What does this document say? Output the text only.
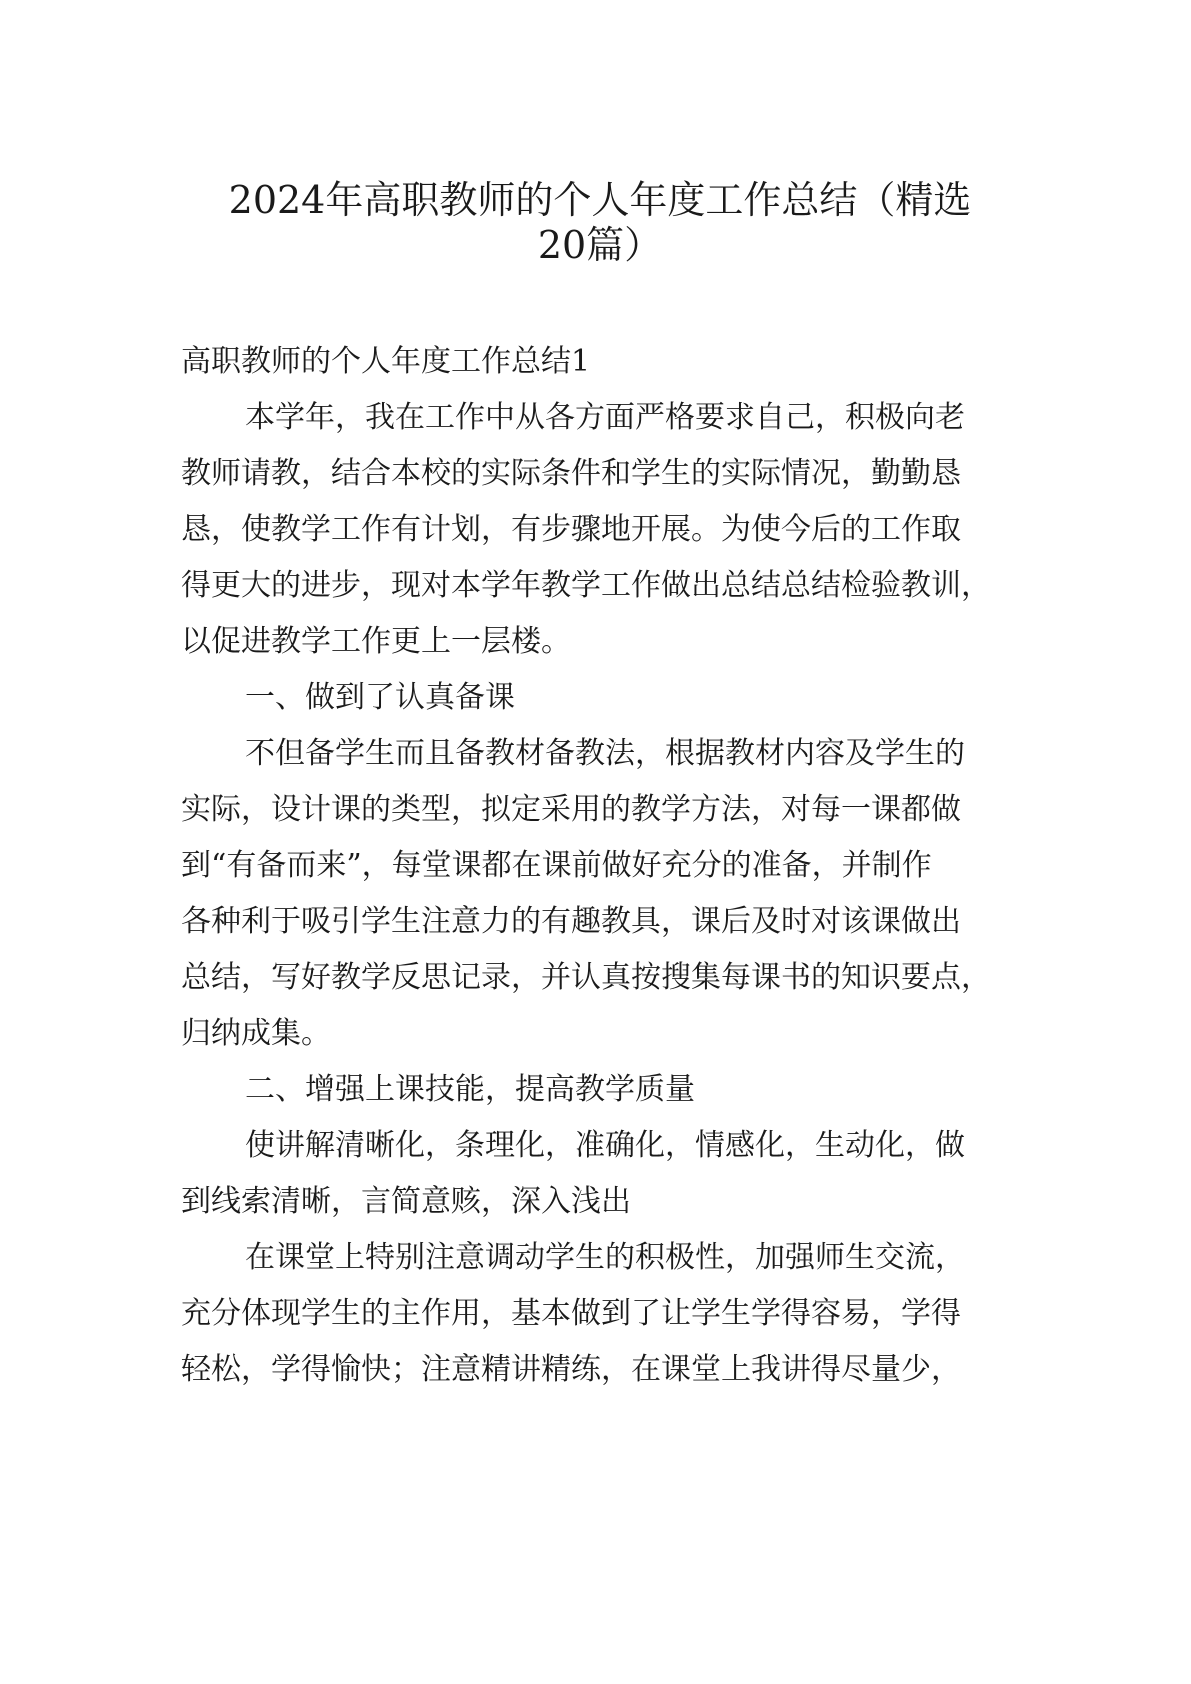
2024年高职教师的个人年度工作总结（精选
20篇）

高职教师的个人年度工作总结1

本学年，我在工作中从各方面严格要求自己，积极向老

教师请教，结合本校的实际条件和学生的实际情况，勤勤恳

恳，使教学工作有计划，有步骤地开展。为使今后的工作取

得更大的进步，现对本学年教学工作做出总结总结检验教训，

以促进教学工作更上一层楼。

一、做到了认真备课

不但备学生而且备教材备教法，根据教材内容及学生的

实际，设计课的类型，拟定采用的教学方法，对每一课都做

到“有备而来”，每堂课都在课前做好充分的准备，并制作

各种利于吸引学生注意力的有趣教具，课后及时对该课做出

总结，写好教学反思记录，并认真按搜集每课书的知识要点，

归纳成集。

二、增强上课技能，提高教学质量

使讲解清晰化，条理化，准确化，情感化，生动化，做

到线索清晰，言简意赅，深入浅出

在课堂上特别注意调动学生的积极性，加强师生交流，

充分体现学生的主作用，基本做到了让学生学得容易，学得

轻松，学得愉快；注意精讲精练，在课堂上我讲得尽量少，
